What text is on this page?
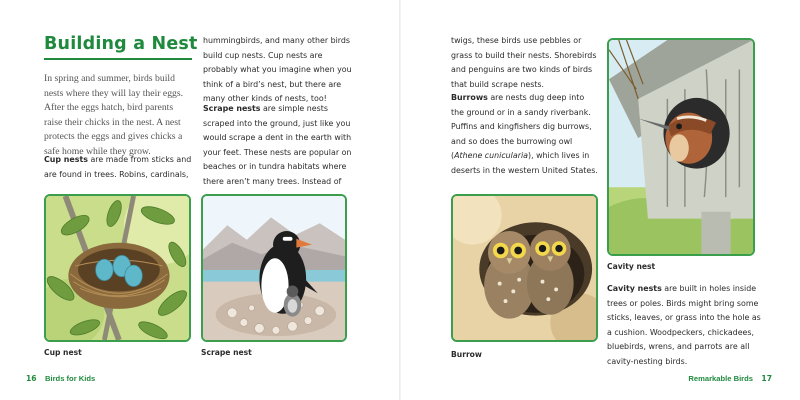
Building a Nest

In spring and summer, birds build nests where they will lay their eggs. After the eggs hatch, bird parents raise their chicks in the nest. A nest protects the eggs and gives chicks a safe home while they grow.

Cup nests are made from sticks and are found in trees. Robins, cardinals,

hummingbirds, and many other birds build cup nests. Cup nests are probably what you imagine when you think of a bird’s nest, but there are many other kinds of nests, too!

Scrape nests are simple nests scraped into the ground, just like you would scrape a dent in the earth with your feet. These nests are popular on beaches or in tundra habitats where there aren’t many trees. Instead of

Cup nest	Scrape nest

16 Birds for Kids

twigs, these birds use pebbles or grass to build their nests. Shorebirds and penguins are two kinds of birds that build scrape nests.

Burrows are nests dug deep into the ground or in a sandy riverbank. Puffins and kingfishers dig burrows, and so does the burrowing owl (Athene cunicularia), which lives in deserts in the western United States.

Burrow

Cavity nest

Cavity nests are built in holes inside trees or poles. Birds might bring some sticks, leaves, or grass into the hole as a cushion. Woodpeckers, chickadees, bluebirds, wrens, and parrots are all cavity-nesting birds.

Remarkable Birds 17
